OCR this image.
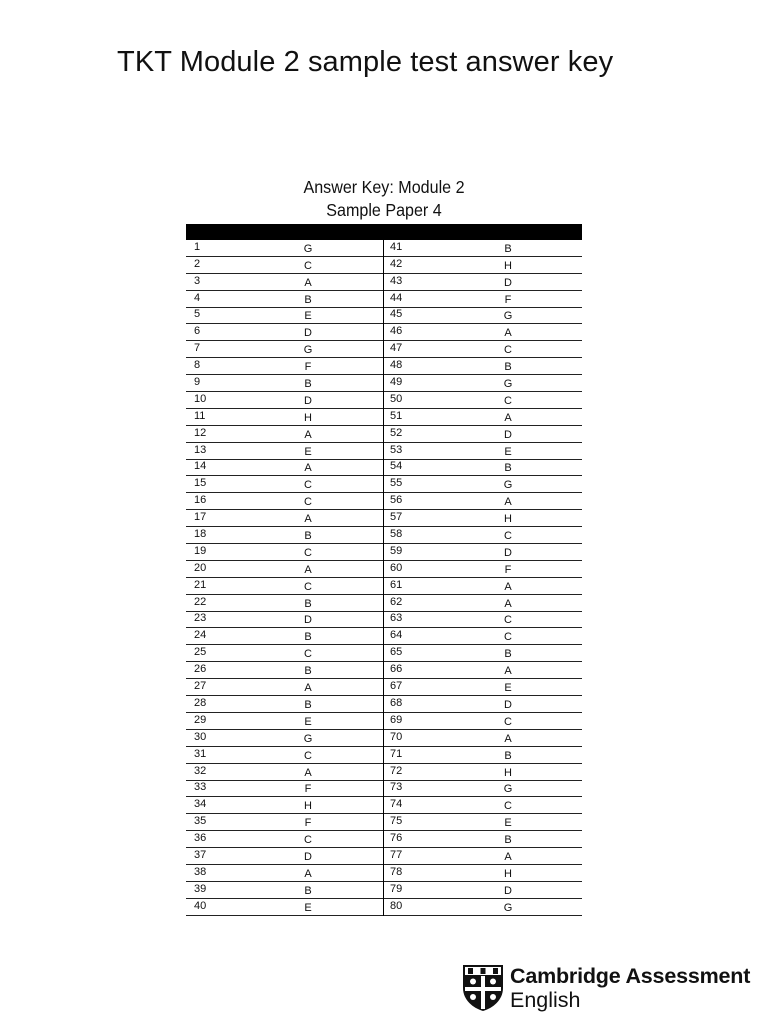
TKT Module 2 sample test answer key
Answer Key: Module 2
Sample Paper 4
1	G
2	C
3	A
4	B
5	E
6	D
7	G
8	F
9	B
10	D
11	H
12	A
13	E
14	A
15	C
16	C
17	A
18	B
19	C
20	A
21	C
22	B
23	D
24	B
25	C
26	B
27	A
28	B
29	E
30	G
31	C
32	A
33	F
34	H
35	F
36	C
37	D
38	A
39	B
40	E
41	B
42	H
43	D
44	F
45	G
46	A
47	C
48	B
49	G
50	C
51	A
52	D
53	E
54	B
55	G
56	A
57	H
58	C
59	D
60	F
61	A
62	A
63	C
64	C
65	B
66	A
67	E
68	D
69	C
70	A
71	B
72	H
73	G
74	C
75	E
76	B
77	A
78	H
79	D
80	G
Cambridge Assessment
English
